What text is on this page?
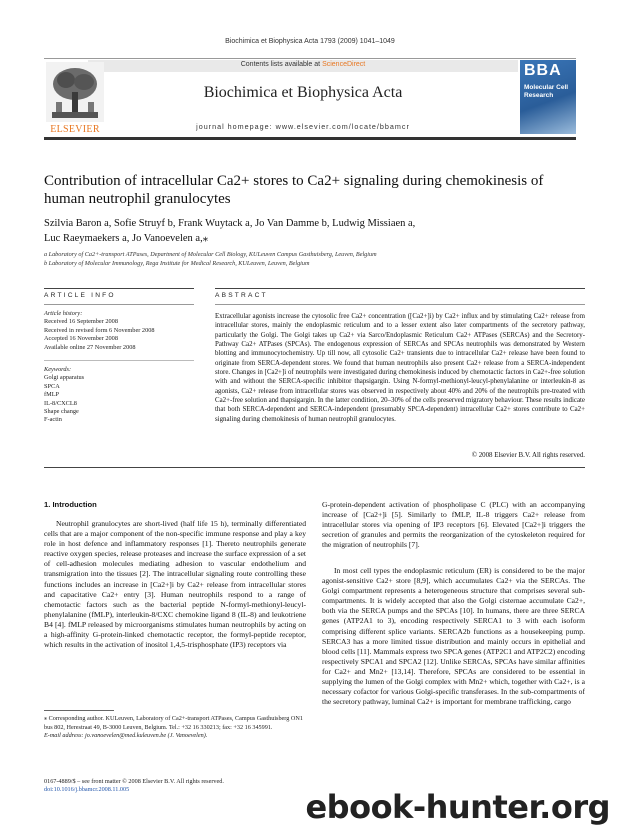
Biochimica et Biophysica Acta 1793 (2009) 1041–1049
Contents lists available at ScienceDirect
ELSEVIER
Biochimica et Biophysica Acta
journal homepage: www.elsevier.com/locate/bbamcr
BBA
Molecular Cell Research
Contribution of intracellular Ca2+ stores to Ca2+ signaling during chemokinesis of human neutrophil granulocytes
Szilvia Baron a, Sofie Struyf b, Frank Wuytack a, Jo Van Damme b, Ludwig Missiaen a,
Luc Raeymaekers a, Jo Vanoevelen a,⁎
a Laboratory of Ca2+-transport ATPases, Department of Molecular Cell Biology, KULeuven Campus Gasthuisberg, Leuven, Belgium
b Laboratory of Molecular Immunology, Rega Institute for Medical Research, KULeuven, Leuven, Belgium
ARTICLE INFO
Article history:
Received 16 September 2008
Received in revised form 6 November 2008
Accepted 16 November 2008
Available online 27 November 2008
Keywords:
Golgi apparatus
SPCA
fMLP
IL-8/CXCL8
Shape change
F-actin
ABSTRACT
Extracellular agonists increase the cytosolic free Ca2+ concentration ([Ca2+]i) by Ca2+ influx and by stimulating Ca2+ release from intracellular stores, mainly the endoplasmic reticulum and to a lesser extent also later compartments of the secretory pathway, particularly the Golgi. The Golgi takes up Ca2+ via Sarco/Endoplasmic Reticulum Ca2+ ATPases (SERCAs) and the Secretory-Pathway Ca2+ ATPases (SPCAs). The endogenous expression of SERCAs and SPCAs neutrophils was demonstrated by Western blotting and immunocytochemistry. Up till now, all cytosolic Ca2+ transients due to intracellular Ca2+ release have been found to originate from SERCA-dependent stores. We found that human neutrophils also present Ca2+ release from a SERCA-independent store. Changes in [Ca2+]i of neutrophils were investigated during chemokinesis induced by chemotactic factors in Ca2+-free solution with and without the SERCA-specific inhibitor thapsigargin. Using N-formyl-methionyl-leucyl-phenylalanine or interleukin-8 as agonists, Ca2+ release from intracellular stores was observed in respectively about 40% and 20% of the neutrophils pre-treated with Ca2+-free solution and thapsigargin. In the latter condition, 20–30% of the cells preserved migratory behaviour. These results indicate that both SERCA-dependent and SERCA-independent (presumably SPCA-dependent) intracellular Ca2+ stores contribute to Ca2+ signaling during chemokinesis of human neutrophil granulocytes.
© 2008 Elsevier B.V. All rights reserved.
1. Introduction
Neutrophil granulocytes are short-lived (half life 15 h), terminally differentiated cells that are a major component of the non-specific immune response and play a key role in host defence and inflammatory responses [1]. Thereto neutrophils generate reactive oxygen species, release proteases and increase the surface expression of a set of cell-adhesion molecules mediating adhesion to vascular endothelium and transmigration into the tissues [2]. The intracellular signaling route controlling these functions includes an increase in [Ca2+]i by Ca2+ release from intracellular stores and capacitative Ca2+ entry [3]. Human neutrophils respond to a range of chemotactic factors such as the bacterial peptide N-formyl-methionyl-leucyl-phenylalanine (fMLP), interleukin-8/CXC chemokine ligand 8 (IL-8) and leukotriene B4 [4]. fMLP released by microorganisms stimulates human neutrophils by acting on a high-affinity G-protein-linked chemotactic receptor, the formyl-peptide receptor, which results in the activation of inositol 1,4,5-trisphosphate (IP3) receptors via
G-protein-dependent activation of phospholipase C (PLC) with an accompanying increase of [Ca2+]i [5]. Similarly to fMLP, IL-8 triggers Ca2+ release from intracellular stores via opening of IP3 receptors [6]. Elevated [Ca2+]i triggers the secretion of granules and permits the reorganization of the cytoskeleton required for the migration of neutrophils [7].
In most cell types the endoplasmic reticulum (ER) is considered to be the major agonist-sensitive Ca2+ store [8,9], which accumulates Ca2+ via the SERCAs. The Golgi compartment represents a heterogeneous structure that comprises several sub-compartments. It is widely accepted that also the Golgi cisternae accumulate Ca2+, both via the SERCA pumps and the SPCAs [10]. In humans, there are three SERCA genes (ATP2A1 to 3), encoding respectively SERCA1 to 3 with each isoform comprising different splice variants. SERCA2b functions as a housekeeping pump. SERCA3 has a more limited tissue distribution and mainly occurs in epithelial and blood cells [11]. Mammals express two SPCA genes (ATP2C1 and ATP2C2) encoding respectively SPCA1 and SPCA2 [12]. Unlike SERCAs, SPCAs have similar affinities for Ca2+ and Mn2+ [13,14]. Therefore, SPCAs are considered to be essential in supplying the lumen of the Golgi complex with Mn2+ which, together with Ca2+, is a necessary cofactor for various Golgi-specific transferases. In the sub-compartments of the secretory pathway, luminal Ca2+ is important for membrane trafficking, cargo
⁎ Corresponding author. KULeuven, Laboratory of Ca2+-transport ATPases, Campus Gasthuisberg ON1 bus 802, Herestraat 49, B-3000 Leuven, Belgium. Tel.: +32 16 330213; fax: +32 16 345991.
E-mail address: jo.vanoevelen@med.kuleuven.be (J. Vanoevelen).
0167-4889/$ – see front matter © 2008 Elsevier B.V. All rights reserved.
doi:10.1016/j.bbamcr.2008.11.005	ebook-hunter.org
